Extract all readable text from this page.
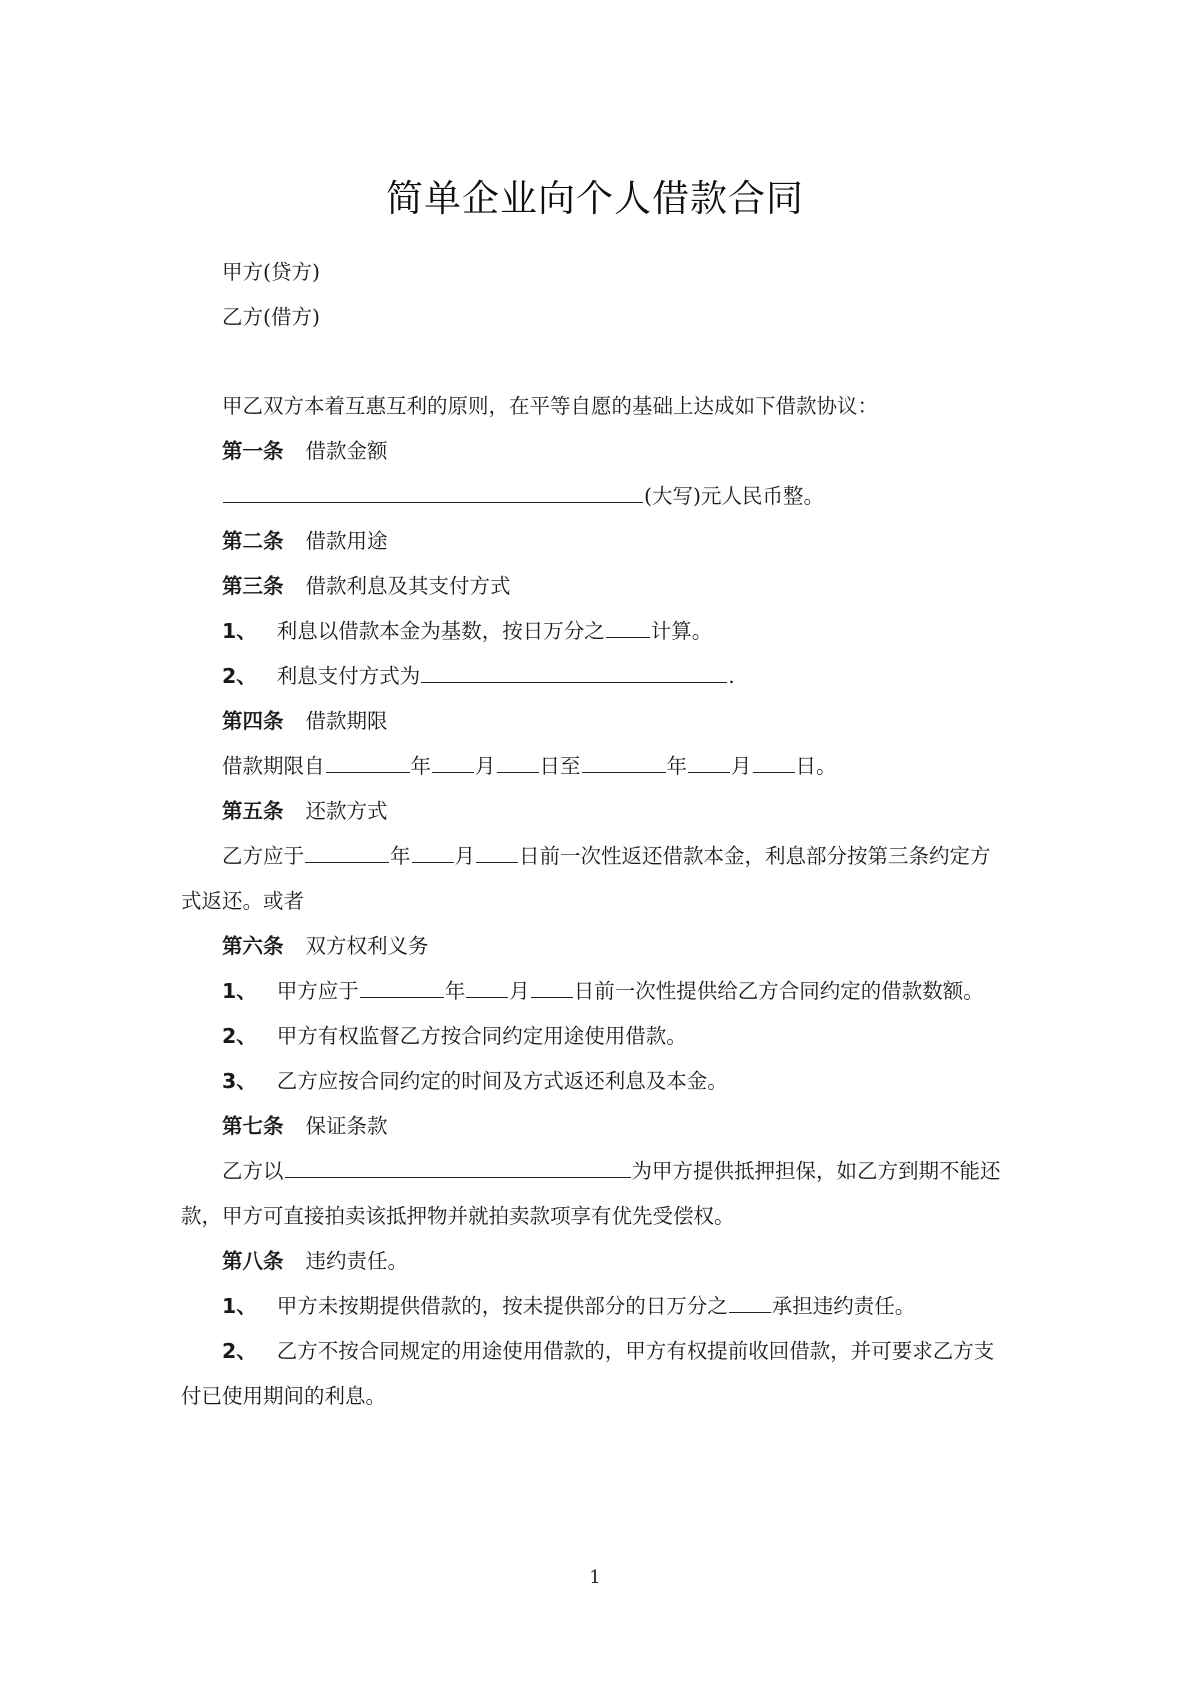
简单企业向个人借款合同
甲方(贷方)
乙方(借方)
甲乙双方本着互惠互利的原则，在平等自愿的基础上达成如下借款协议：
第一条 借款金额
(大写)元人民币整。
第二条 借款用途
第三条 借款利息及其支付方式
1、 利息以借款本金为基数，按日万分之 计算。
2、 利息支付方式为	.
第四条 借款期限
借款期限自	年 月 日至	年 月 日。
第五条 还款方式
乙方应于	年 月 日前一次性返还借款本金，利息部分按第三条约定方
式返还。或者
第六条 双方权利义务
1、 甲方应于	年 月 日前一次性提供给乙方合同约定的借款数额。
2、 甲方有权监督乙方按合同约定用途使用借款。
3、 乙方应按合同约定的时间及方式返还利息及本金。
第七条 保证条款
乙方以	为甲方提供抵押担保，如乙方到期不能还
款，甲方可直接拍卖该抵押物并就拍卖款项享有优先受偿权。
第八条 违约责任。
1、 甲方未按期提供借款的，按未提供部分的日万分之 承担违约责任。
2、 乙方不按合同规定的用途使用借款的，甲方有权提前收回借款，并可要求乙方支
付已使用期间的利息。
1
